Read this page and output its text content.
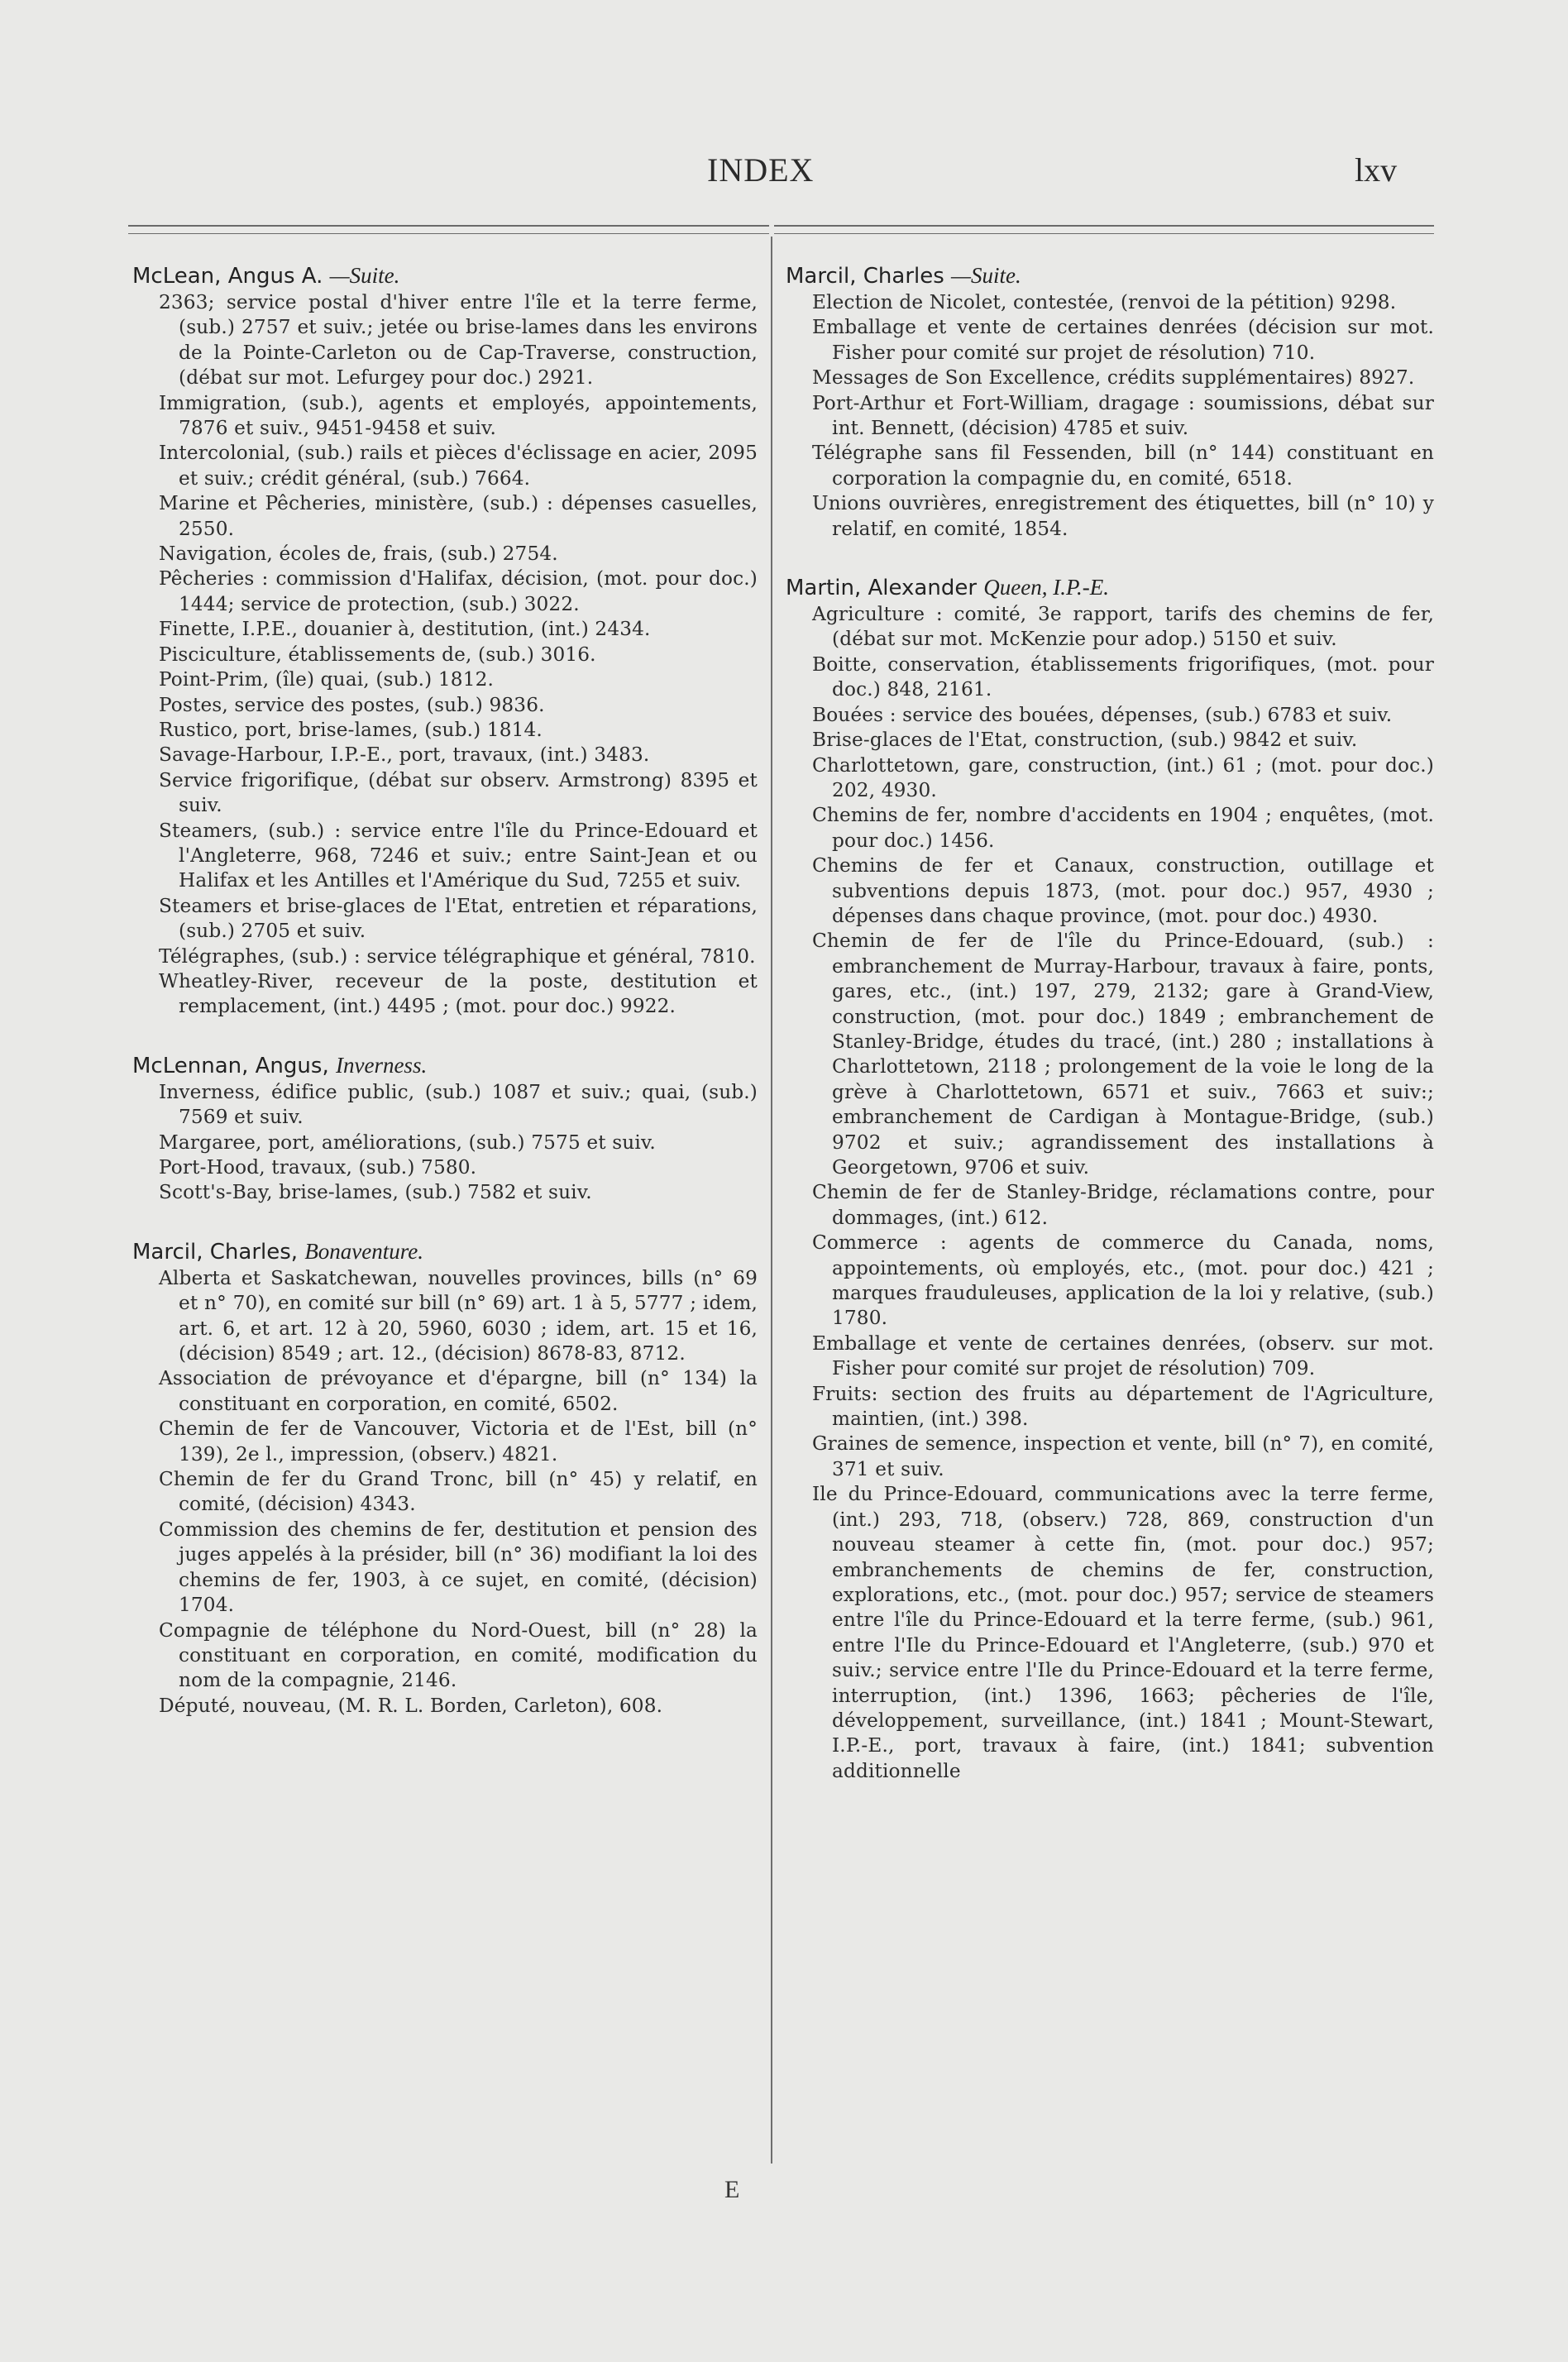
INDEX	lxv
McLean, Angus A. —Suite.
2363; service postal d'hiver entre l'île et la terre ferme, (sub.) 2757 et suiv.; jetée ou brise-lames dans les environs de la Pointe-Carleton ou de Cap-Traverse, construction, (débat sur mot. Lefurgey pour doc.) 2921.
Immigration, (sub.), agents et employés, appointements, 7876 et suiv., 9451-9458 et suiv.
Intercolonial, (sub.) rails et pièces d'éclissage en acier, 2095 et suiv.; crédit général, (sub.) 7664.
Marine et Pêcheries, ministère, (sub.) : dépenses casuelles, 2550.
Navigation, écoles de, frais, (sub.) 2754.
Pêcheries : commission d'Halifax, décision, (mot. pour doc.) 1444; service de protection, (sub.) 3022.
Finette, I.P.E., douanier à, destitution, (int.) 2434.
Pisciculture, établissements de, (sub.) 3016.
Point-Prim, (île) quai, (sub.) 1812.
Postes, service des postes, (sub.) 9836.
Rustico, port, brise-lames, (sub.) 1814.
Savage-Harbour, I.P.-E., port, travaux, (int.) 3483.
Service frigorifique, (débat sur observ. Armstrong) 8395 et suiv.
Steamers, (sub.) : service entre l'île du Prince-Edouard et l'Angleterre, 968, 7246 et suiv.; entre Saint-Jean et ou Halifax et les Antilles et l'Amérique du Sud, 7255 et suiv.
Steamers et brise-glaces de l'Etat, entretien et réparations, (sub.) 2705 et suiv.
Télégraphes, (sub.) : service télégraphique et général, 7810.
Wheatley-River, receveur de la poste, destitution et remplacement, (int.) 4495 ; (mot. pour doc.) 9922.
McLennan, Angus, Inverness.
Inverness, édifice public, (sub.) 1087 et suiv.; quai, (sub.) 7569 et suiv.
Margaree, port, améliorations, (sub.) 7575 et suiv.
Port-Hood, travaux, (sub.) 7580.
Scott's-Bay, brise-lames, (sub.) 7582 et suiv.
Marcil, Charles, Bonaventure.
Alberta et Saskatchewan, nouvelles provinces, bills (n° 69 et n° 70), en comité sur bill (n° 69) art. 1 à 5, 5777 ; idem, art. 6, et art. 12 à 20, 5960, 6030 ; idem, art. 15 et 16, (décision) 8549 ; art. 12., (décision) 8678-83, 8712.
Association de prévoyance et d'épargne, bill (n° 134) la constituant en corporation, en comité, 6502.
Chemin de fer de Vancouver, Victoria et de l'Est, bill (n° 139), 2e l., impression, (observ.) 4821.
Chemin de fer du Grand Tronc, bill (n° 45) y relatif, en comité, (décision) 4343.
Commission des chemins de fer, destitution et pension des juges appelés à la présider, bill (n° 36) modifiant la loi des chemins de fer, 1903, à ce sujet, en comité, (décision) 1704.
Compagnie de téléphone du Nord-Ouest, bill (n° 28) la constituant en corporation, en comité, modification du nom de la compagnie, 2146.
Député, nouveau, (M. R. L. Borden, Carleton), 608.
Marcil, Charles —Suite.
Election de Nicolet, contestée, (renvoi de la pétition) 9298.
Emballage et vente de certaines denrées (décision sur mot. Fisher pour comité sur projet de résolution) 710.
Messages de Son Excellence, crédits supplémentaires) 8927.
Port-Arthur et Fort-William, dragage : soumissions, débat sur int. Bennett, (décision) 4785 et suiv.
Télégraphe sans fil Fessenden, bill (n° 144) constituant en corporation la compagnie du, en comité, 6518.
Unions ouvrières, enregistrement des étiquettes, bill (n° 10) y relatif, en comité, 1854.
Martin, Alexander Queen, I.P.-E.
Agriculture : comité, 3e rapport, tarifs des chemins de fer, (débat sur mot. McKenzie pour adop.) 5150 et suiv.
Boitte, conservation, établissements frigorifiques, (mot. pour doc.) 848, 2161.
Bouées : service des bouées, dépenses, (sub.) 6783 et suiv.
Brise-glaces de l'Etat, construction, (sub.) 9842 et suiv.
Charlottetown, gare, construction, (int.) 61 ; (mot. pour doc.) 202, 4930.
Chemins de fer, nombre d'accidents en 1904 ; enquêtes, (mot. pour doc.) 1456.
Chemins de fer et Canaux, construction, outillage et subventions depuis 1873, (mot. pour doc.) 957, 4930 ; dépenses dans chaque province, (mot. pour doc.) 4930.
Chemin de fer de l'île du Prince-Edouard, (sub.) : embranchement de Murray-Harbour, travaux à faire, ponts, gares, etc., (int.) 197, 279, 2132; gare à Grand-View, construction, (mot. pour doc.) 1849 ; embranchement de Stanley-Bridge, études du tracé, (int.) 280 ; installations à Charlottetown, 2118 ; prolongement de la voie le long de la grève à Charlottetown, 6571 et suiv., 7663 et suiv:; embranchement de Cardigan à Montague-Bridge, (sub.) 9702 et suiv.; agrandissement des installations à Georgetown, 9706 et suiv.
Chemin de fer de Stanley-Bridge, réclamations contre, pour dommages, (int.) 612.
Commerce : agents de commerce du Canada, noms, appointements, où employés, etc., (mot. pour doc.) 421 ; marques frauduleuses, application de la loi y relative, (sub.) 1780.
Emballage et vente de certaines denrées, (observ. sur mot. Fisher pour comité sur projet de résolution) 709.
Fruits: section des fruits au département de l'Agriculture, maintien, (int.) 398.
Graines de semence, inspection et vente, bill (n° 7), en comité, 371 et suiv.
Ile du Prince-Edouard, communications avec la terre ferme, (int.) 293, 718, (observ.) 728, 869, construction d'un nouveau steamer à cette fin, (mot. pour doc.) 957; embranchements de chemins de fer, construction, explorations, etc., (mot. pour doc.) 957; service de steamers entre l'île du Prince-Edouard et la terre ferme, (sub.) 961, entre l'Ile du Prince-Edouard et l'Angleterre, (sub.) 970 et suiv.; service entre l'Ile du Prince-Edouard et la terre ferme, interruption, (int.) 1396, 1663; pêcheries de l'île, développement, surveillance, (int.) 1841 ; Mount-Stewart, I.P.-E., port, travaux à faire, (int.) 1841; subvention additionnelle
E
